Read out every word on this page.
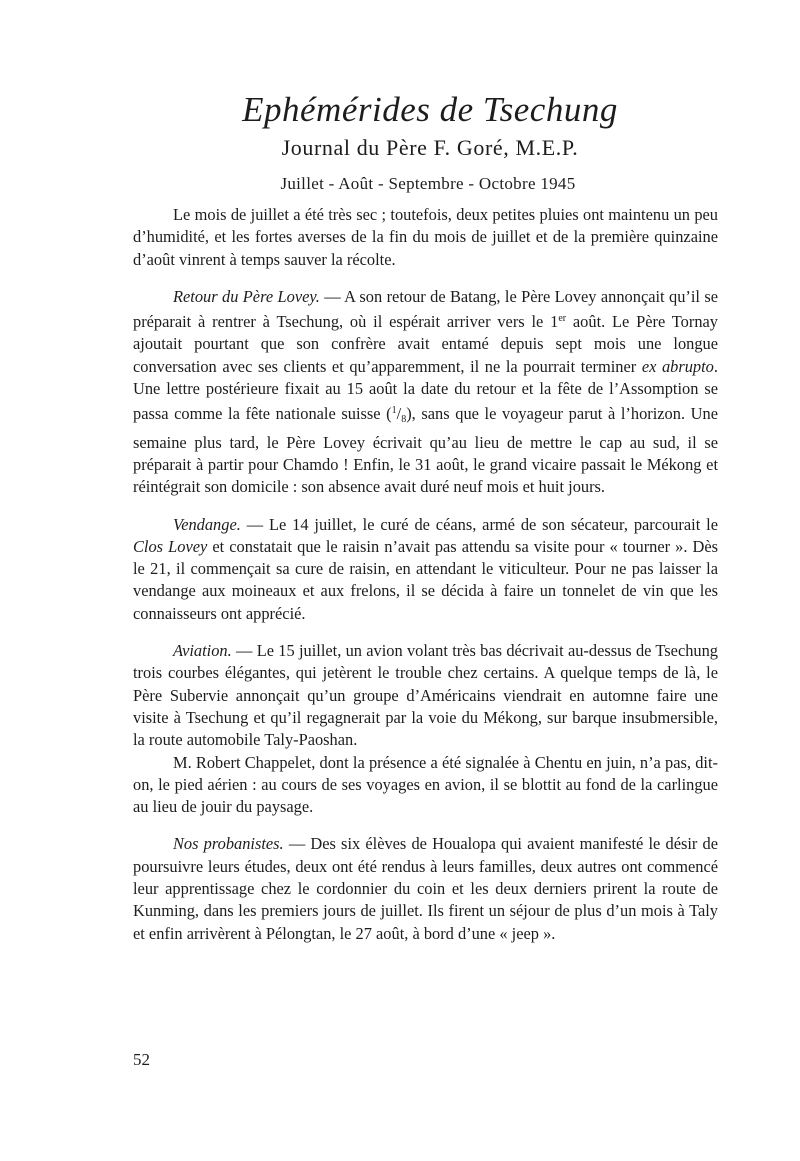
Ephémérides de Tsechung
Journal du Père F. Goré, M.E.P.
Juillet - Août - Septembre - Octobre 1945

Le mois de juillet a été très sec ; toutefois, deux petites pluies ont maintenu un peu d’humidité, et les fortes averses de la fin du mois de juillet et de la première quinzaine d’août vinrent à temps sauver la récolte.

Retour du Père Lovey. — A son retour de Batang, le Père Lovey annonçait qu’il se préparait à rentrer à Tsechung, où il espérait arriver vers le 1er août. Le Père Tornay ajoutait pourtant que son confrère avait entamé depuis sept mois une longue conversation avec ses clients et qu’apparemment, il ne la pourrait terminer ex abrupto. Une lettre postérieure fixait au 15 août la date du retour et la fête de l’Assomption se passa comme la fête nationale suisse $(^1/_8)$, sans que le voyageur parut à l’horizon. Une semaine plus tard, le Père Lovey écrivait qu’au lieu de mettre le cap au sud, il se préparait à partir pour Chamdo ! Enfin, le 31 août, le grand vicaire passait le Mékong et réintégrait son domicile : son absence avait duré neuf mois et huit jours.

Vendange. — Le 14 juillet, le curé de céans, armé de son sécateur, parcourait le Clos Lovey et constatait que le raisin n’avait pas attendu sa visite pour « tourner ». Dès le 21, il commençait sa cure de raisin, en attendant le viticulteur. Pour ne pas laisser la vendange aux moineaux et aux frelons, il se décida à faire un tonnelet de vin que les connaisseurs ont apprécié.

Aviation. — Le 15 juillet, un avion volant très bas décrivait au-dessus de Tsechung trois courbes élégantes, qui jetèrent le trouble chez certains. A quelque temps de là, le Père Subervie annonçait qu’un groupe d’Américains viendrait en automne faire une visite à Tsechung et qu’il regagnerait par la voie du Mékong, sur barque insubmersible, la route automobile Taly-Paoshan.

M. Robert Chappelet, dont la présence a été signalée à Chentu en juin, n’a pas, dit-on, le pied aérien : au cours de ses voyages en avion, il se blottit au fond de la carlingue au lieu de jouir du paysage.

Nos probanistes. — Des six élèves de Houalopa qui avaient manifesté le désir de poursuivre leurs études, deux ont été rendus à leurs familles, deux autres ont commencé leur apprentissage chez le cordonnier du coin et les deux derniers prirent la route de Kunming, dans les premiers jours de juillet. Ils firent un séjour de plus d’un mois à Taly et enfin arrivèrent à Pélongtan, le 27 août, à bord d’une « jeep ».

52
